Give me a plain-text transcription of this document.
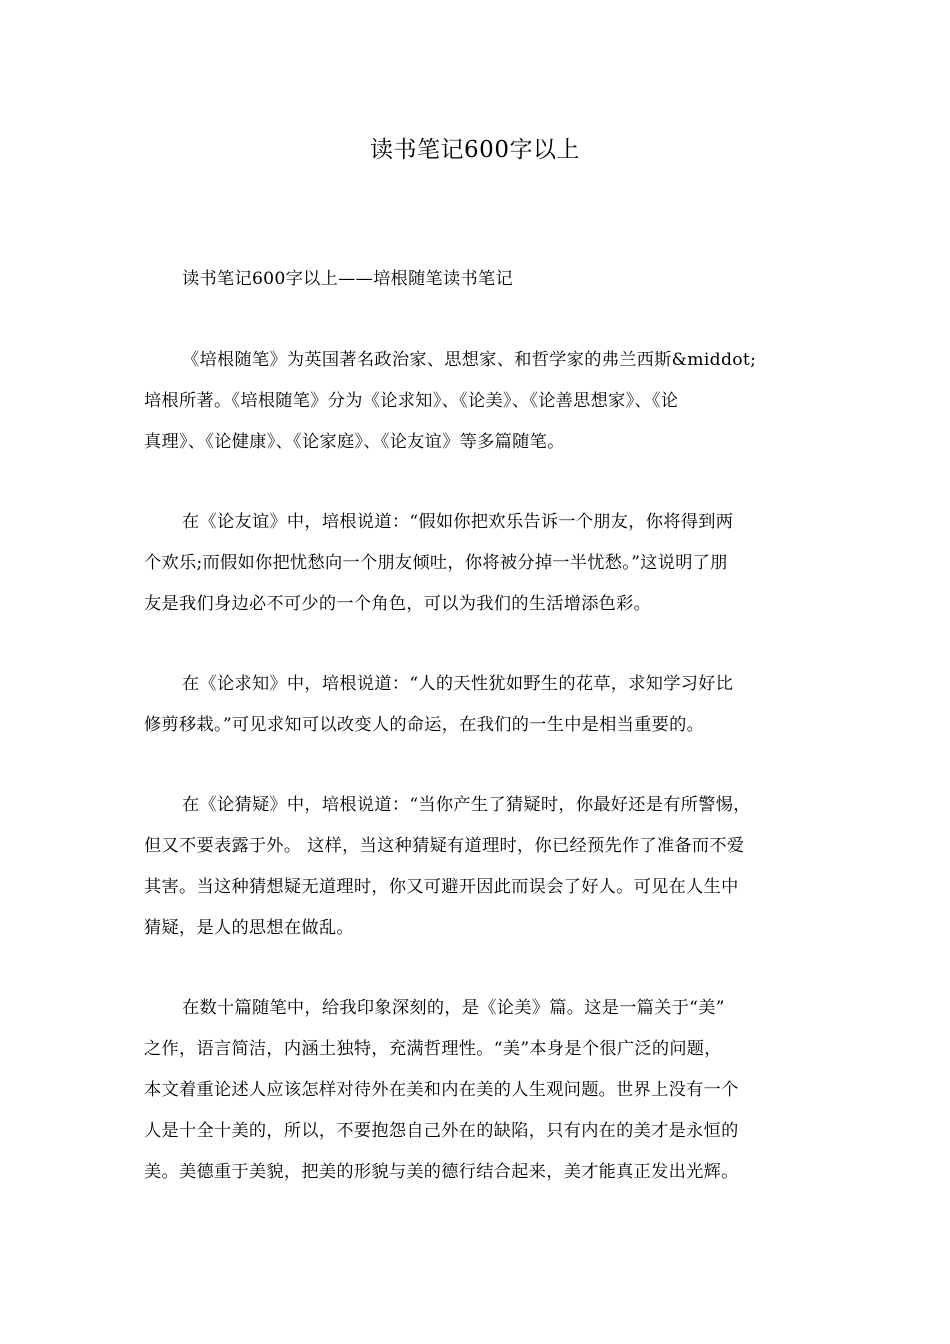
读书笔记600字以上
读书笔记600字以上——培根随笔读书笔记
《培根随笔》为英国著名政治家、思想家、和哲学家的弗兰西斯&middot;
培根所著。《培根随笔》分为《论求知》、《论美》、《论善思想家》、《论
真理》、《论健康》、《论家庭》、《论友谊》等多篇随笔。
在《论友谊》中，培根说道：“假如你把欢乐告诉一个朋友，你将得到两
个欢乐;而假如你把忧愁向一个朋友倾吐，你将被分掉一半忧愁。”这说明了朋
友是我们身边必不可少的一个角色，可以为我们的生活增添色彩。
在《论求知》中，培根说道：“人的天性犹如野生的花草，求知学习好比
修剪移栽。”可见求知可以改变人的命运，在我们的一生中是相当重要的。
在《论猜疑》中，培根说道：“当你产生了猜疑时，你最好还是有所警惕，
但又不要表露于外。 这样，当这种猜疑有道理时，你已经预先作了准备而不爱
其害。当这种猜想疑无道理时，你又可避开因此而误会了好人。可见在人生中
猜疑，是人的思想在做乱。
在数十篇随笔中，给我印象深刻的，是《论美》篇。这是一篇关于“美”
之作，语言简洁，内涵土独特，充满哲理性。“美”本身是个很广泛的问题，
本文着重论述人应该怎样对待外在美和内在美的人生观问题。世界上没有一个
人是十全十美的，所以，不要抱怨自己外在的缺陷，只有内在的美才是永恒的
美。美德重于美貌，把美的形貌与美的德行结合起来，美才能真正发出光辉。
